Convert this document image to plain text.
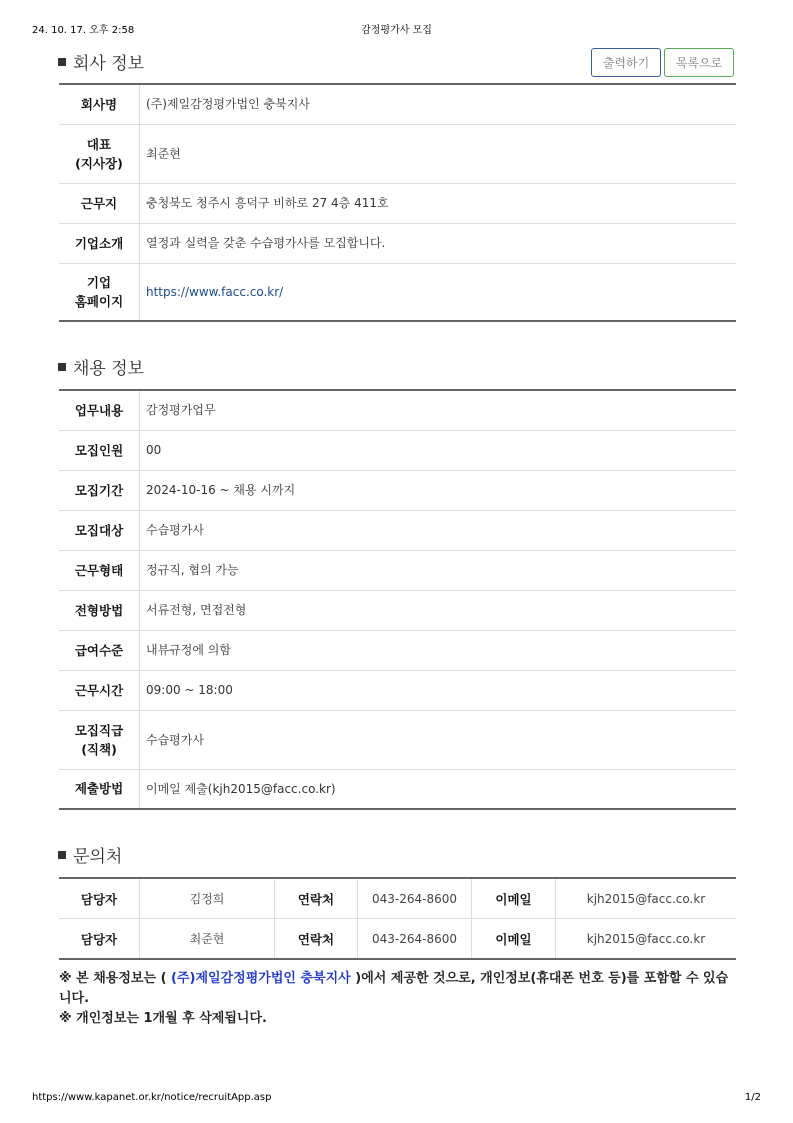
24. 10. 17. 오후 2:58	감정평가사 모집
회사 정보	출력하기	목록으로
회사명	(주)제일감정평가법인 충북지사
대표
(지사장)	최준현
근무지	충청북도 청주시 흥덕구 비하로 27 4층 411호
기업소개	열정과 실력을 갖춘 수습평가사를 모집합니다.
기업
홈페이지	https://www.facc.co.kr/
채용 정보
업무내용	감정평가업무
모집인원	00
모집기간	2024-10-16 ~ 채용 시까지
모집대상	수습평가사
근무형태	정규직, 협의 가능
전형방법	서류전형, 면접전형
급여수준	내뷰규정에 의함
근무시간	09:00 ~ 18:00
모집직급
(직책)	수습평가사
제출방법	이메일 제출(kjh2015@facc.co.kr)
문의처
담당자	김정희	연락처	043-264-8600	이메일	kjh2015@facc.co.kr
담당자	최준현	연락처	043-264-8600	이메일	kjh2015@facc.co.kr
※ 본 채용정보는 ( (주)제일감정평가법인 충북지사 )에서 제공한 것으로, 개인정보(휴대폰 번호 등)를 포함할 수 있습니다.
※ 개인정보는 1개월 후 삭제됩니다.
https://www.kapanet.or.kr/notice/recruitApp.asp	1/2
